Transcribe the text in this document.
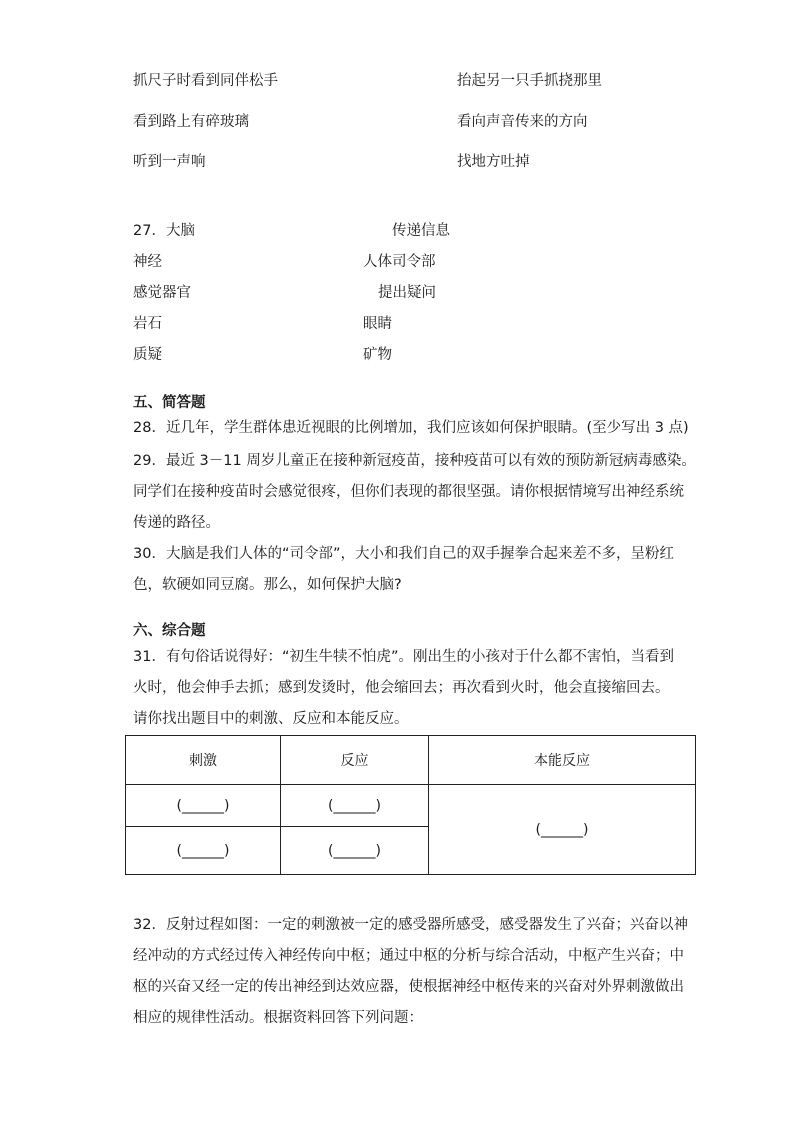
抓尺子时看到同伴松手	抬起另一只手抓挠那里
看到路上有碎玻璃	看向声音传来的方向
听到一声响	找地方吐掉
27．大脑	传递信息
神经	人体司令部
感觉器官	提出疑问
岩石	眼睛
质疑	矿物
五、简答题
28．近几年，学生群体患近视眼的比例增加，我们应该如何保护眼睛。(至少写出 3 点)
29．最近 3－11 周岁儿童正在接种新冠疫苗，接种疫苗可以有效的预防新冠病毒感染。
同学们在接种疫苗时会感觉很疼，但你们表现的都很坚强。请你根据情境写出神经系统
传递的路径。
30．大脑是我们人体的“司令部”，大小和我们自己的双手握拳合起来差不多，呈粉红
色，软硬如同豆腐。那么，如何保护大脑?
六、综合题
31．有句俗话说得好：“初生牛犊不怕虎”。刚出生的小孩对于什么都不害怕，当看到
火时，他会伸手去抓；感到发烫时，他会缩回去；再次看到火时，他会直接缩回去。
请你找出题目中的刺激、反应和本能反应。
刺激	反应	本能反应
(______)	(______)	(______)
(______)	(______)	
32．反射过程如图：一定的刺激被一定的感受器所感受，感受器发生了兴奋；兴奋以神
经冲动的方式经过传入神经传向中枢；通过中枢的分析与综合活动，中枢产生兴奋；中
枢的兴奋又经一定的传出神经到达效应器，使根据神经中枢传来的兴奋对外界刺激做出
相应的规律性活动。根据资料回答下列问题：
